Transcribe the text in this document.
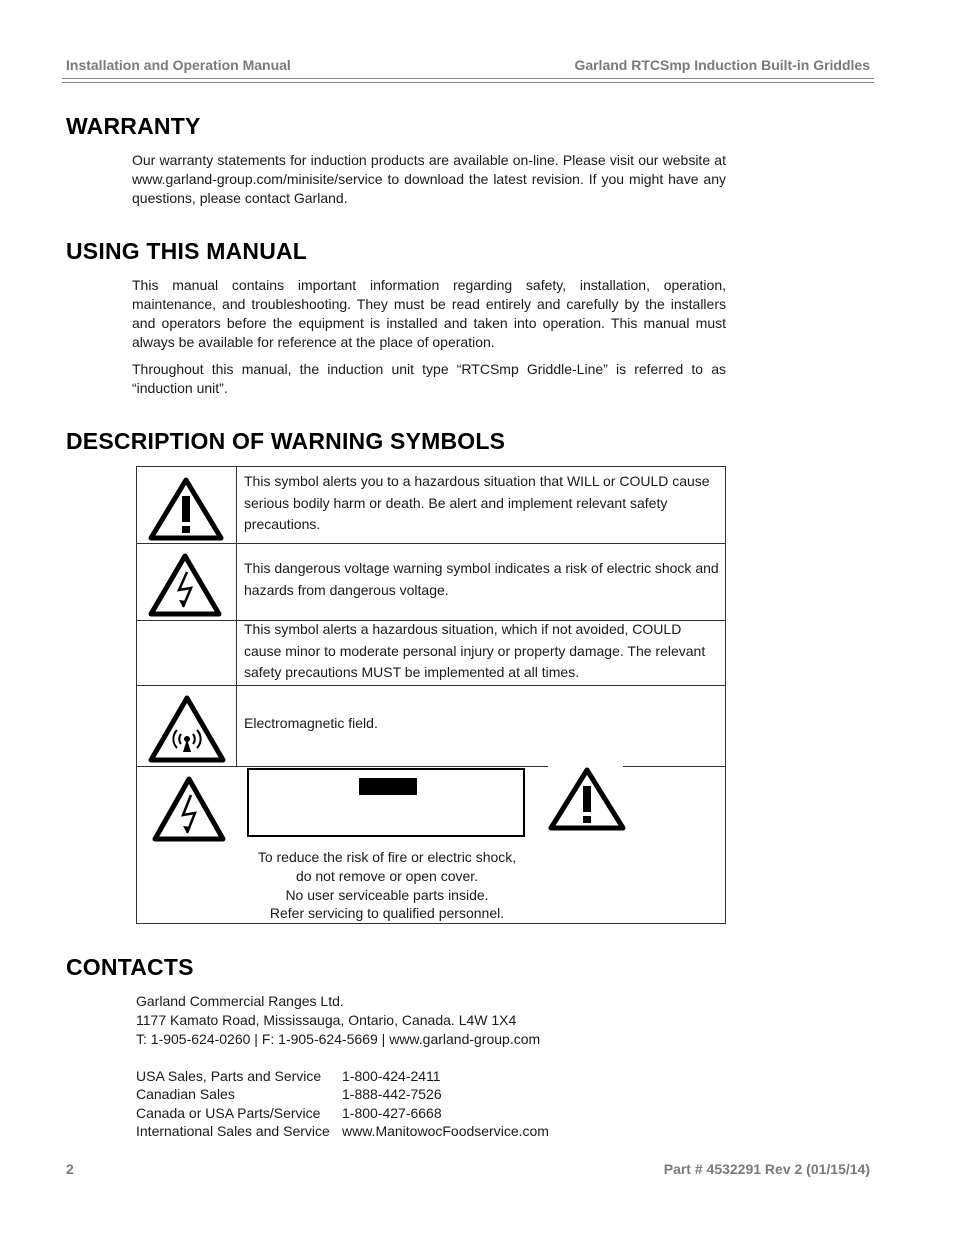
Installation and Operation Manual	Garland RTCSmp Induction Built-in Griddles
WARRANTY

Our warranty statements for induction products are available on-line. Please visit our website at www.garland-group.com/minisite/service to download the latest revision. If you might have any questions, please contact Garland.

USING THIS MANUAL

This manual contains important information regarding safety, installation, operation, maintenance, and troubleshooting. They must be read entirely and carefully by the installers and operators before the equipment is installed and taken into operation. This manual must always be available for reference at the place of operation.

Throughout this manual, the induction unit type “RTCSmp Griddle-Line” is referred to as “induction unit”.

DESCRIPTION OF WARNING SYMBOLS
This symbol alerts you to a hazardous situation that WILL or COULD cause serious bodily harm or death. Be alert and implement relevant safety precautions.
This dangerous voltage warning symbol indicates a risk of electric shock and hazards from dangerous voltage.
This symbol alerts a hazardous situation, which if not avoided, COULD cause minor to moderate personal injury or property damage. The relevant safety precautions MUST be implemented at all times.
Electromagnetic field.
To reduce the risk of fire or electric shock,
do not remove or open cover.
No user serviceable parts inside.
Refer servicing to qualified personnel.
CONTACTS
Garland Commercial Ranges Ltd.
1177 Kamato Road, Mississauga, Ontario, Canada. L4W 1X4
T: 1-905-624-0260 | F: 1-905-624-5669 | www.garland-group.com
USA Sales, Parts and Service 1-800-424-2411
Canadian Sales	1-888-442-7526
Canada or USA Parts/Service 1-800-427-6668
International Sales and Service www.ManitowocFoodservice.com
2	Part # 4532291 Rev 2 (01/15/14)
